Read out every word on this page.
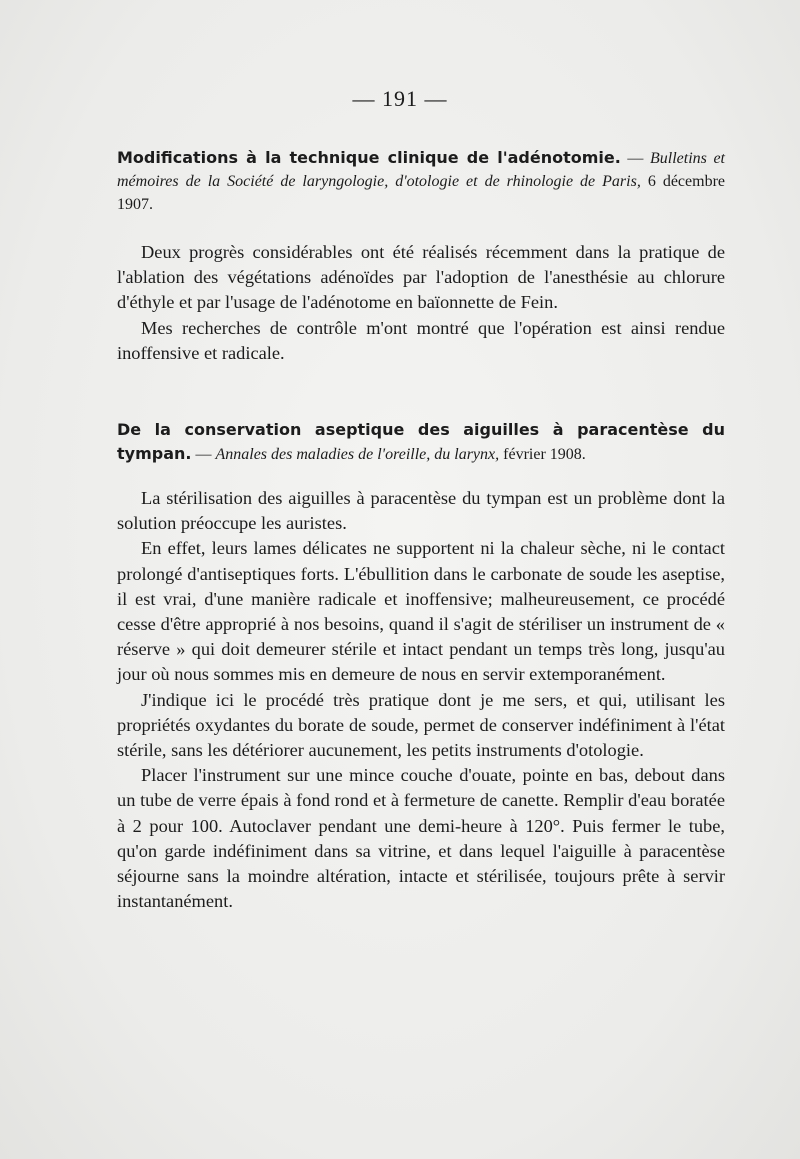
— 191 —
Modifications à la technique clinique de l'adénotomie. — Bulletins et mémoires de la Société de laryngologie, d'otologie et de rhinologie de Paris, 6 décembre 1907.

Deux progrès considérables ont été réalisés récemment dans la pratique de l'ablation des végétations adénoïdes par l'adoption de l'anesthésie au chlorure d'éthyle et par l'usage de l'adénotome en baïonnette de Fein.

Mes recherches de contrôle m'ont montré que l'opération est ainsi rendue inoffensive et radicale.

De la conservation aseptique des aiguilles à paracentèse du tympan. — Annales des maladies de l'oreille, du larynx, février 1908.

La stérilisation des aiguilles à paracentèse du tympan est un problème dont la solution préoccupe les auristes.

En effet, leurs lames délicates ne supportent ni la chaleur sèche, ni le contact prolongé d'antiseptiques forts. L'ébullition dans le carbonate de soude les aseptise, il est vrai, d'une manière radicale et inoffensive; malheureusement, ce procédé cesse d'être approprié à nos besoins, quand il s'agit de stériliser un instrument de « réserve » qui doit demeurer stérile et intact pendant un temps très long, jusqu'au jour où nous sommes mis en demeure de nous en servir extemporanément.

J'indique ici le procédé très pratique dont je me sers, et qui, utilisant les propriétés oxydantes du borate de soude, permet de conserver indéfiniment à l'état stérile, sans les détériorer aucunement, les petits instruments d'otologie.

Placer l'instrument sur une mince couche d'ouate, pointe en bas, debout dans un tube de verre épais à fond rond et à fermeture de canette. Remplir d'eau boratée à 2 pour 100. Autoclaver pendant une demi-heure à 120°. Puis fermer le tube, qu'on garde indéfiniment dans sa vitrine, et dans lequel l'aiguille à paracentèse séjourne sans la moindre altération, intacte et stérilisée, toujours prête à servir instantanément.
